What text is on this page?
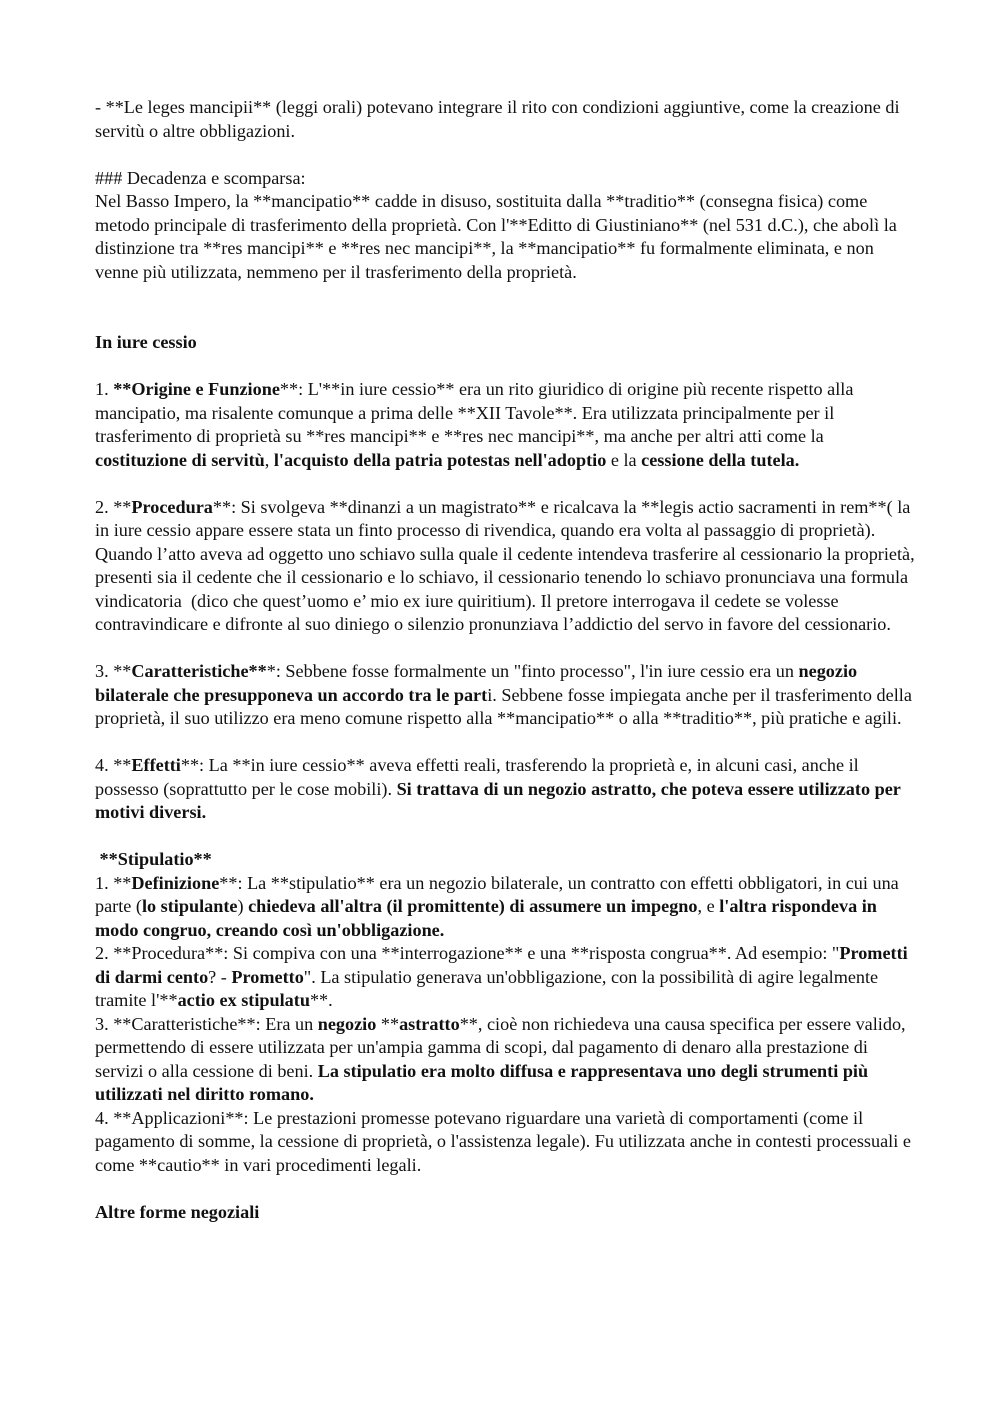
- **Le leges mancipii** (leggi orali) potevano integrare il rito con condizioni aggiuntive, come la creazione di servitù o altre obbligazioni.

### Decadenza e scomparsa:

Nel Basso Impero, la **mancipatio** cadde in disuso, sostituita dalla **traditio** (consegna fisica) come metodo principale di trasferimento della proprietà. Con l'**Editto di Giustiniano** (nel 531 d.C.), che abolì la distinzione tra **res mancipi** e **res nec mancipi**, la **mancipatio** fu formalmente eliminata, e non venne più utilizzata, nemmeno per il trasferimento della proprietà.

In iure cessio

1. **Origine e Funzione**: L'**in iure cessio** era un rito giuridico di origine più recente rispetto alla mancipatio, ma risalente comunque a prima delle **XII Tavole**. Era utilizzata principalmente per il trasferimento di proprietà su **res mancipi** e **res nec mancipi**, ma anche per altri atti come la costituzione di servitù, l'acquisto della patria potestas nell'adoptio e la cessione della tutela.

2. **Procedura**: Si svolgeva **dinanzi a un magistrato** e ricalcava la **legis actio sacramenti in rem**( la in iure cessio appare essere stata un finto processo di rivendica, quando era volta al passaggio di proprietà). Quando l’atto aveva ad oggetto uno schiavo sulla quale il cedente intendeva trasferire al cessionario la proprietà, presenti sia il cedente che il cessionario e lo schiavo, il cessionario tenendo lo schiavo pronunciava una formula vindicatoria  (dico che quest’uomo e’ mio ex iure quiritium). Il pretore interrogava il cedete se volesse contravindicare e difronte al suo diniego o silenzio pronunziava l’addictio del servo in favore del cessionario.

3. **Caratteristiche***: Sebbene fosse formalmente un "finto processo", l'in iure cessio era un negozio bilaterale che presupponeva un accordo tra le parti. Sebbene fosse impiegata anche per il trasferimento della proprietà, il suo utilizzo era meno comune rispetto alla **mancipatio** o alla **traditio**, più pratiche e agili.

4. **Effetti**: La **in iure cessio** aveva effetti reali, trasferendo la proprietà e, in alcuni casi, anche il possesso (soprattutto per le cose mobili). Si trattava di un negozio astratto, che poteva essere utilizzato per motivi diversi.

**Stipulatio**

1. **Definizione**: La **stipulatio** era un negozio bilaterale, un contratto con effetti obbligatori, in cui una parte (lo stipulante) chiedeva all'altra (il promittente) di assumere un impegno, e l'altra rispondeva in modo congruo, creando così un'obbligazione.

2. **Procedura**: Si compiva con una **interrogazione** e una **risposta congrua**. Ad esempio: "Prometti di darmi cento? - Prometto". La stipulatio generava un'obbligazione, con la possibilità di agire legalmente tramite l'**actio ex stipulatu**.

3. **Caratteristiche**: Era un negozio **astratto**, cioè non richiedeva una causa specifica per essere valido, permettendo di essere utilizzata per un'ampia gamma di scopi, dal pagamento di denaro alla prestazione di servizi o alla cessione di beni. La stipulatio era molto diffusa e rappresentava uno degli strumenti più utilizzati nel diritto romano.

4. **Applicazioni**: Le prestazioni promesse potevano riguardare una varietà di comportamenti (come il pagamento di somme, la cessione di proprietà, o l'assistenza legale). Fu utilizzata anche in contesti processuali e come **cautio** in vari procedimenti legali.

Altre forme negoziali
